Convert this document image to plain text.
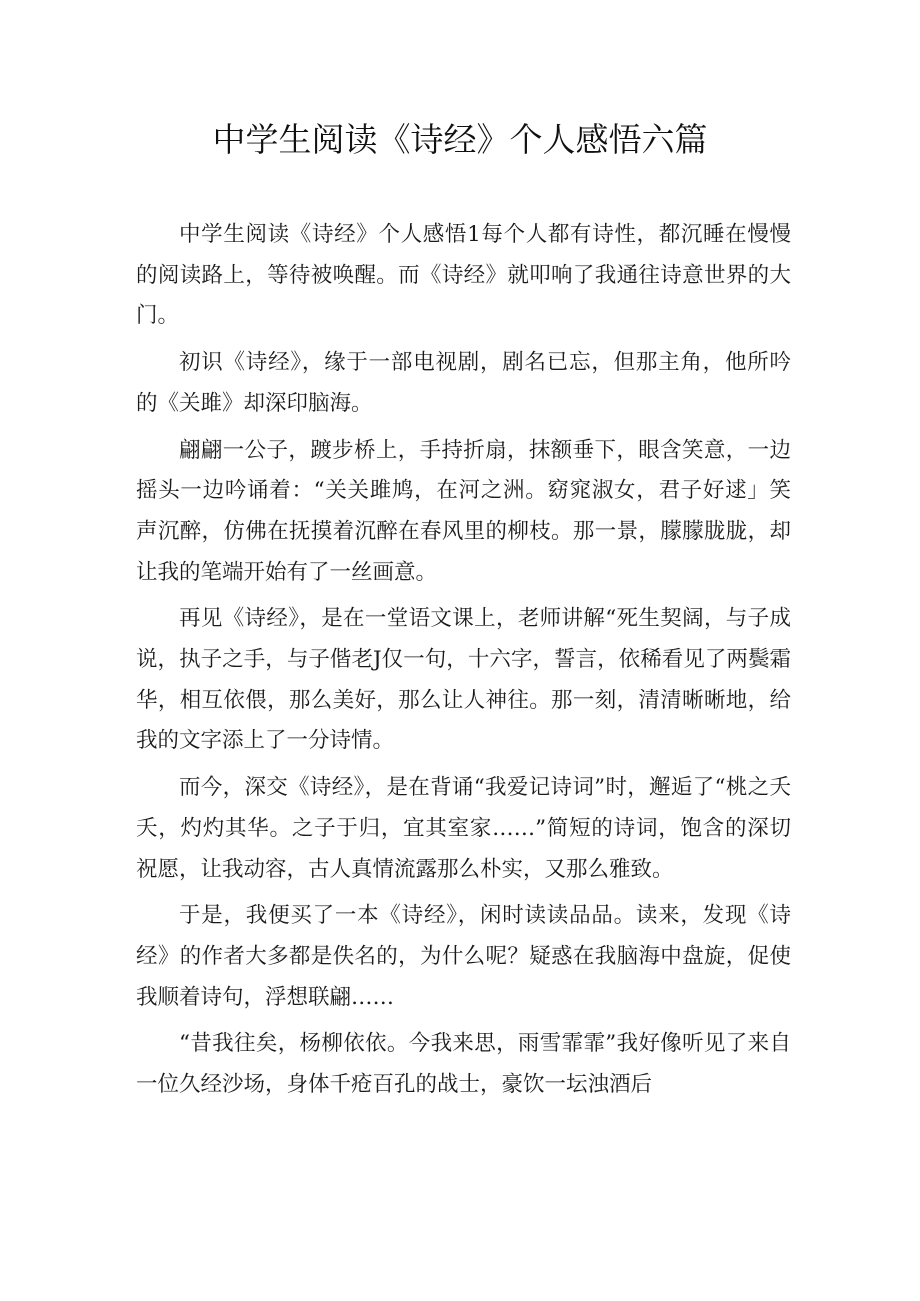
中学生阅读《诗经》个人感悟六篇

中学生阅读《诗经》个人感悟1每个人都有诗性，都沉睡在慢慢的阅读路上，等待被唤醒。而《诗经》就叩响了我通往诗意世界的大门。

初识《诗经》，缘于一部电视剧，剧名已忘，但那主角，他所吟的《关雎》却深印脑海。

翩翩一公子，踱步桥上，手持折扇，抹额垂下，眼含笑意，一边摇头一边吟诵着：“关关雎鸠，在河之洲。窈窕淑女，君子好逑」笑声沉醉，仿佛在抚摸着沉醉在春风里的柳枝。那一景，朦朦胧胧，却让我的笔端开始有了一丝画意。

再见《诗经》，是在一堂语文课上，老师讲解“死生契阔，与子成说，执子之手，与子偕老J仅一句，十六字，誓言，依稀看见了两鬓霜华，相互依偎，那么美好，那么让人神往。那一刻，清清晰晰地，给我的文字添上了一分诗情。

而今，深交《诗经》，是在背诵“我爱记诗词”时，邂逅了“桃之夭夭，灼灼其华。之子于归，宜其室家……”简短的诗词，饱含的深切祝愿，让我动容，古人真情流露那么朴实，又那么雅致。

于是，我便买了一本《诗经》，闲时读读品品。读来，发现《诗经》的作者大多都是佚名的，为什么呢？疑惑在我脑海中盘旋，促使我顺着诗句，浮想联翩……

“昔我往矣，杨柳依依。今我来思，雨雪霏霏”我好像听见了来自一位久经沙场，身体千疮百孔的战士，豪饮一坛浊酒后
